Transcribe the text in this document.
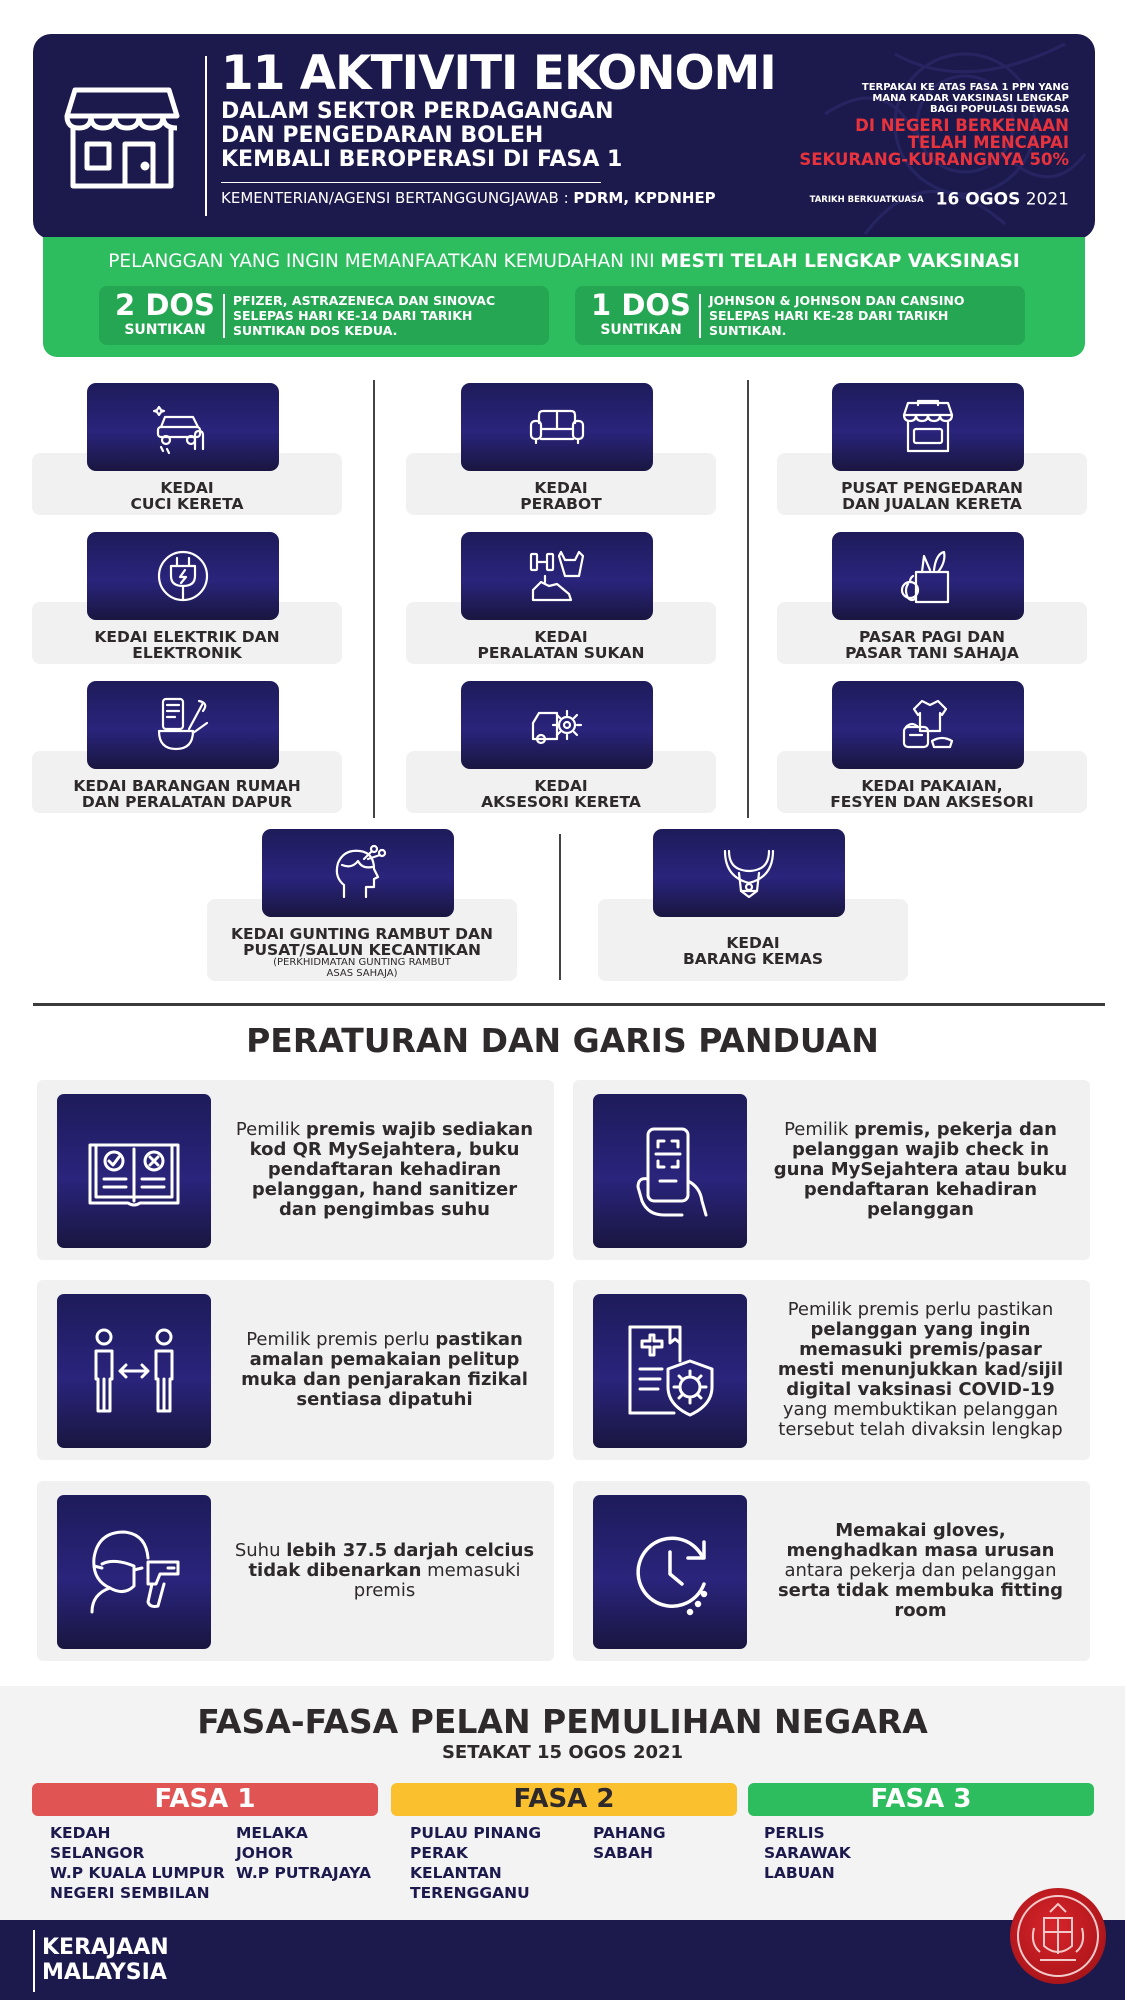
11 AKTIVITI EKONOMI
DALAM SEKTOR PERDAGANGAN
DAN PENGEDARAN BOLEH
KEMBALI BEROPERASI DI FASA 1
KEMENTERIAN/AGENSI BERTANGGUNGJAWAB : PDRM, KPDNHEP
TERPAKAI KE ATAS FASA 1 PPN YANG
MANA KADAR VAKSINASI LENGKAP
BAGI POPULASI DEWASA
DI NEGERI BERKENAAN
TELAH MENCAPAI
SEKURANG-KURANGNYA 50%
TARIKH BERKUATKUASA 16 OGOS 2021
PELANGGAN YANG INGIN MEMANFAATKAN KEMUDAHAN INI MESTI TELAH LENGKAP VAKSINASI
2 DOS
SUNTIKAN
PFIZER, ASTRAZENECA DAN SINOVAC
SELEPAS HARI KE-14 DARI TARIKH
SUNTIKAN DOS KEDUA.
1 DOS
SUNTIKAN
JOHNSON & JOHNSON DAN CANSINO
SELEPAS HARI KE-28 DARI TARIKH
SUNTIKAN.
KEDAI
CUCI KERETA
KEDAI
PERABOT
PUSAT PENGEDARAN
DAN JUALAN KERETA
KEDAI ELEKTRIK DAN
ELEKTRONIK
KEDAI
PERALATAN SUKAN
PASAR PAGI DAN
PASAR TANI SAHAJA
KEDAI BARANGAN RUMAH
DAN PERALATAN DAPUR
KEDAI
AKSESORI KERETA
KEDAI PAKAIAN,
FESYEN DAN AKSESORI
KEDAI GUNTING RAMBUT DAN
PUSAT/SALUN KECANTIKAN
(PERKHIDMATAN GUNTING RAMBUT
ASAS SAHAJA)
KEDAI
BARANG KEMAS
PERATURAN DAN GARIS PANDUAN
Pemilik premis wajib sediakan kod QR MySejahtera, buku pendaftaran kehadiran pelanggan, hand sanitizer dan pengimbas suhu
Pemilik premis, pekerja dan pelanggan wajib check in guna MySejahtera atau buku pendaftaran kehadiran pelanggan
Pemilik premis perlu pastikan amalan pemakaian pelitup muka dan penjarakan fizikal sentiasa dipatuhi
Pemilik premis perlu pastikan pelanggan yang ingin memasuki premis/pasar mesti menunjukkan kad/sijil digital vaksinasi COVID-19 yang membuktikan pelanggan tersebut telah divaksin lengkap
Suhu lebih 37.5 darjah celcius tidak dibenarkan memasuki premis
Memakai gloves, menghadkan masa urusan antara pekerja dan pelanggan serta tidak membuka fitting room
FASA-FASA PELAN PEMULIHAN NEGARA
SETAKAT 15 OGOS 2021
FASA 1	FASA 2	FASA 3
KEDAH
SELANGOR
W.P KUALA LUMPUR
NEGERI SEMBILAN
MELAKA
JOHOR
W.P PUTRAJAYA
PULAU PINANG
PERAK
KELANTAN
TERENGGANU
PAHANG
SABAH
PERLIS
SARAWAK
LABUAN
KERAJAAN
MALAYSIA
